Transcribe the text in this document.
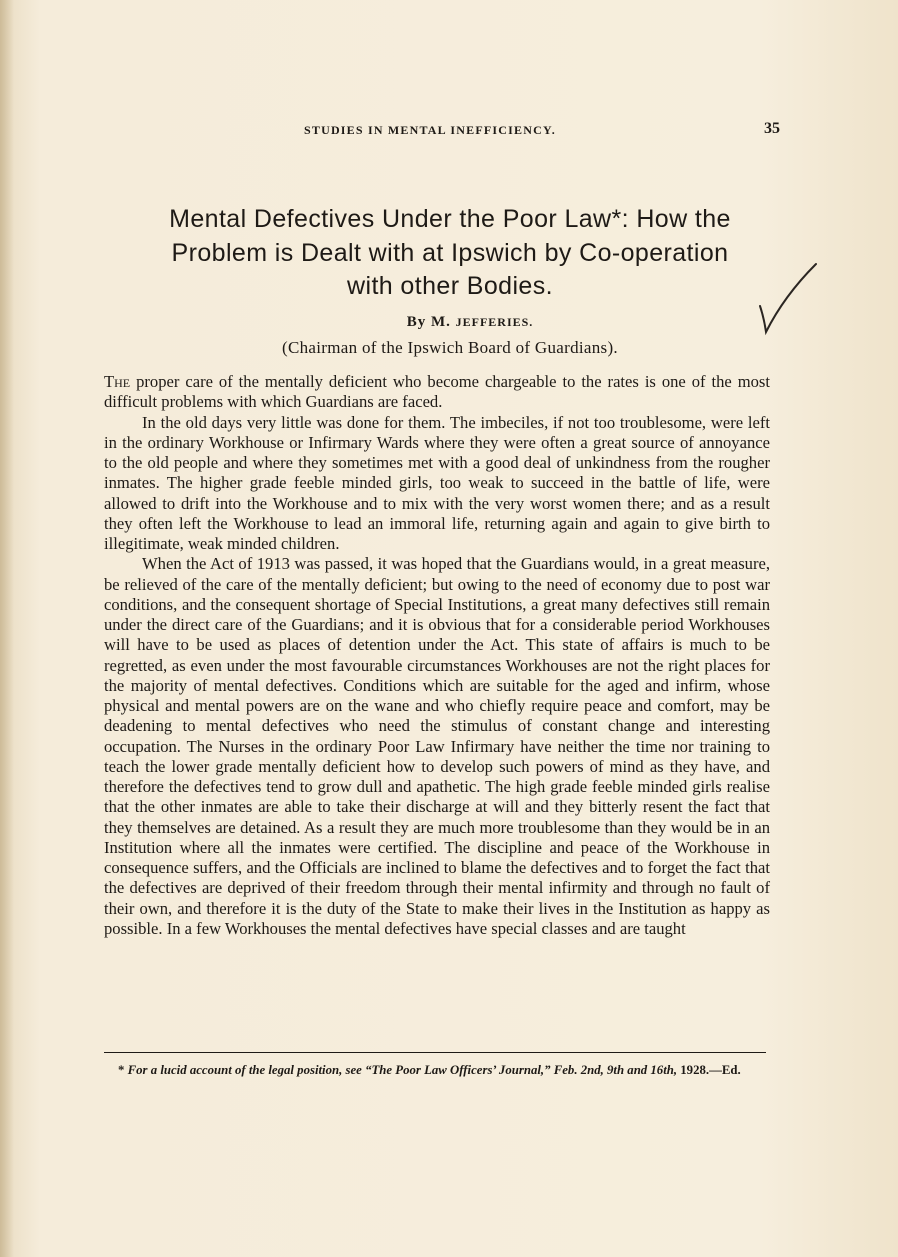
STUDIES IN MENTAL INEFFICIENCY.	35
Mental Defectives Under the Poor Law*: How the
Problem is Dealt with at Ipswich by Co-operation
with other Bodies.
By M. JEFFERIES.
(Chairman of the Ipswich Board of Guardians).

The proper care of the mentally deficient who become chargeable to the rates is one of the most difficult problems with which Guardians are faced.

In the old days very little was done for them. The imbeciles, if not too troublesome, were left in the ordinary Workhouse or Infirmary Wards where they were often a great source of annoyance to the old people and where they sometimes met with a good deal of unkindness from the rougher inmates. The higher grade feeble minded girls, too weak to succeed in the battle of life, were allowed to drift into the Workhouse and to mix with the very worst women there; and as a result they often left the Workhouse to lead an immoral life, returning again and again to give birth to illegitimate, weak minded children.

When the Act of 1913 was passed, it was hoped that the Guardians would, in a great measure, be relieved of the care of the mentally deficient; but owing to the need of economy due to post war conditions, and the consequent shortage of Special Institutions, a great many defectives still remain under the direct care of the Guardians; and it is obvious that for a considerable period Workhouses will have to be used as places of detention under the Act. This state of affairs is much to be regretted, as even under the most favourable circumstances Workhouses are not the right places for the majority of mental defectives. Conditions which are suitable for the aged and infirm, whose physical and mental powers are on the wane and who chiefly require peace and comfort, may be deadening to mental defectives who need the stimulus of constant change and interesting occupation. The Nurses in the ordinary Poor Law Infirmary have neither the time nor training to teach the lower grade mentally deficient how to develop such powers of mind as they have, and therefore the defectives tend to grow dull and apathetic. The high grade feeble minded girls realise that the other inmates are able to take their discharge at will and they bitterly resent the fact that they themselves are detained. As a result they are much more troublesome than they would be in an Institution where all the inmates were certified. The discipline and peace of the Workhouse in consequence suffers, and the Officials are inclined to blame the defectives and to forget the fact that the defectives are deprived of their freedom through their mental infirmity and through no fault of their own, and therefore it is the duty of the State to make their lives in the Institution as happy as possible. In a few Workhouses the mental defectives have special classes and are taught

* For a lucid account of the legal position, see “The Poor Law Officers’ Journal,” Feb. 2nd, 9th and 16th, 1928.—Ed.
